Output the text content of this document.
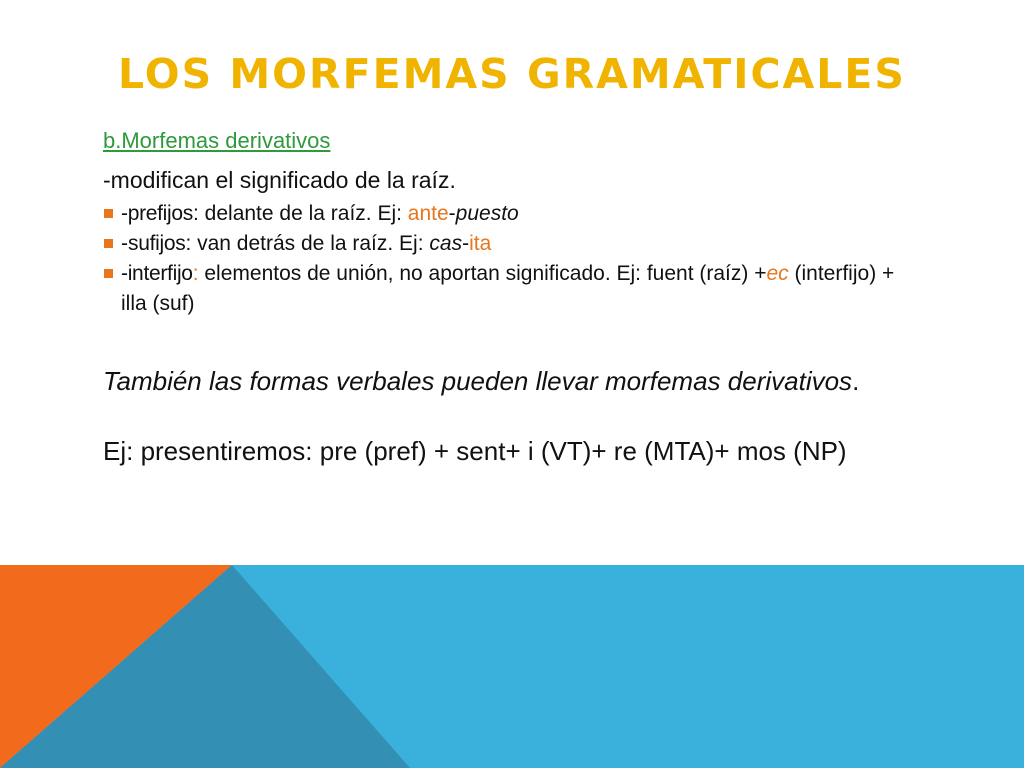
LOS MORFEMAS GRAMATICALES
b.Morfemas derivativos
-modifican el significado de la raíz.
-prefijos: delante de la raíz. Ej: ante-puesto
-sufijos: van detrás de la raíz. Ej: cas-ita
-interfijo: elementos de unión, no aportan significado. Ej: fuent (raíz) +ec (interfijo) + illa (suf)

También las formas verbales pueden llevar morfemas derivativos.

Ej: presentiremos: pre (pref) + sent+ i (VT)+ re (MTA)+ mos (NP)
